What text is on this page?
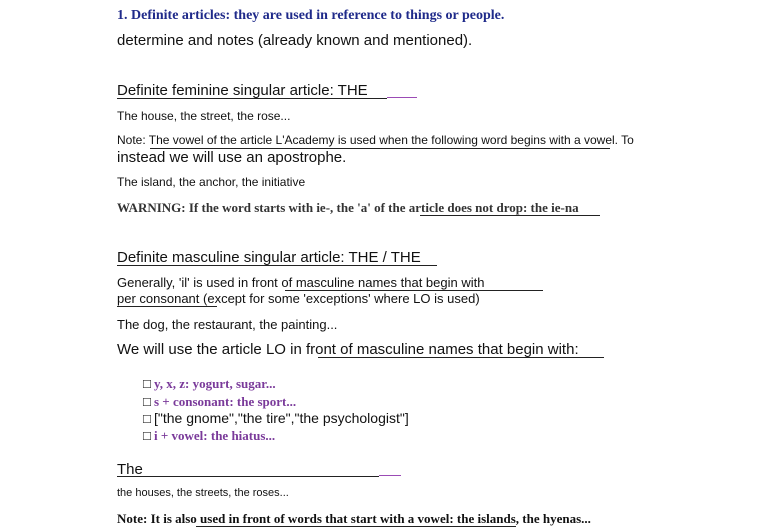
1. Definite articles: they are used in reference to things or people.
determine and notes (already known and mentioned).
Definite feminine singular article: THE
The house, the street, the rose...
Note: The vowel of the article L'Academy is used when the following word begins with a vowel. To
instead we will use an apostrophe.
The island, the anchor, the initiative
WARNING: If the word starts with ie-, the 'a' of the article does not drop: the ie-na
Definite masculine singular article: THE / THE
Generally, 'il' is used in front of masculine names that begin with
per consonant (except for some 'exceptions' where LO is used)
The dog, the restaurant, the painting...
We will use the article LO in front of masculine names that begin with:
☐ y, x, z: yogurt, sugar...
☐ s + consonant: the sport...
☐ ["the gnome","the tire","the psychologist"]
☐ i + vowel: the hiatus...
The
the houses, the streets, the roses...
Note: It is also used in front of words that start with a vowel: the islands, the hyenas...
